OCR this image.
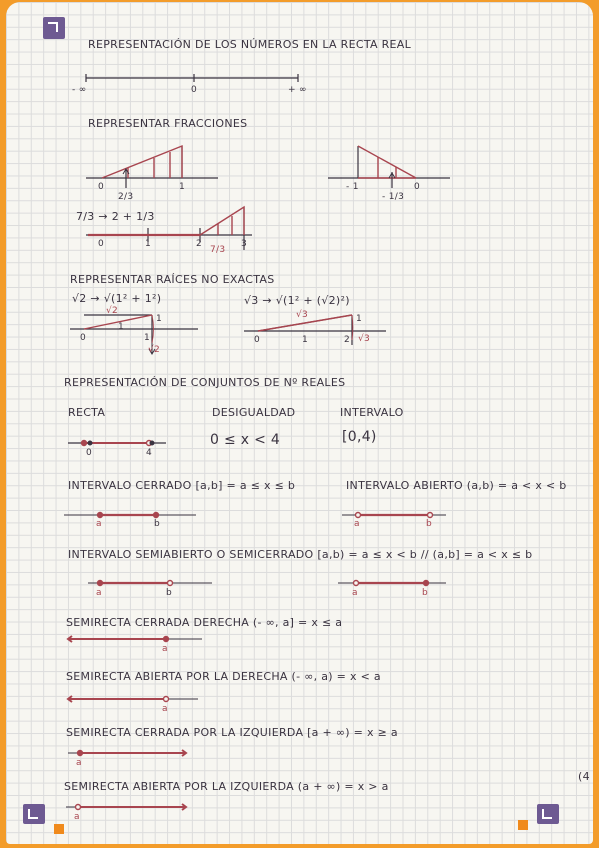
REPRESENTACIÓN DE LOS NÚMEROS EN LA RECTA REAL
- ∞	0	+ ∞
REPRESENTAR FRACCIONES
0	1
2/3
- 1	0
- 1/3
7/3 → 2 + 1/3
0	1	2	3
7/3
REPRESENTAR RAÍCES NO EXACTAS
√2 → √(1² + 1²)
√2
1
1
0	1
√2
√3 → √(1² + (√2)²)
√3	1
0	1	2 √3
REPRESENTACIÓN DE CONJUNTOS DE Nº REALES
RECTA	DESIGUALDAD	INTERVALO
0 ≤ x < 4	[0,4)
0	4
INTERVALO CERRADO [a,b] = a ≤ x ≤ b	INTERVALO ABIERTO (a,b) = a < x < b
a	b	a	b
INTERVALO SEMIABIERTO O SEMICERRADO [a,b) = a ≤ x < b // (a,b] = a < x ≤ b
a	b	a	b
SEMIRECTA CERRADA DERECHA (- ∞, a] = x ≤ a
a
SEMIRECTA ABIERTA POR LA DERECHA (- ∞, a) = x < a
a
SEMIRECTA CERRADA POR LA IZQUIERDA [a + ∞) = x ≥ a
a
SEMIRECTA ABIERTA POR LA IZQUIERDA (a + ∞) = x > a
a
(4
